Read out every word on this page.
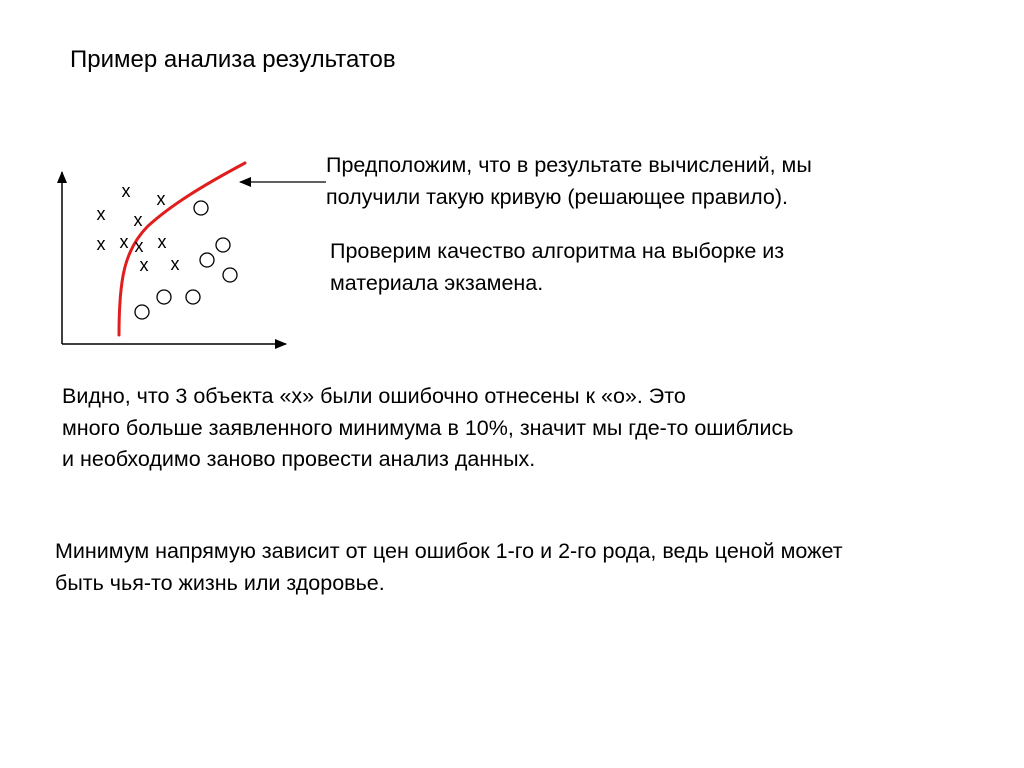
Пример анализа результатов
x x
x x
x x x x
x x
Предположим, что в результате вычислений, мы
получили такую кривую (решающее правило).
Проверим качество алгоритма на выборке из
материала экзамена.
Видно, что 3 объекта «x» были ошибочно отнесены к «o». Это
много больше заявленного минимума в 10%, значит мы где-то ошиблись
и необходимо заново провести анализ данных.
Минимум напрямую зависит от цен ошибок 1-го и 2-го рода, ведь ценой может
быть чья-то жизнь или здоровье.
